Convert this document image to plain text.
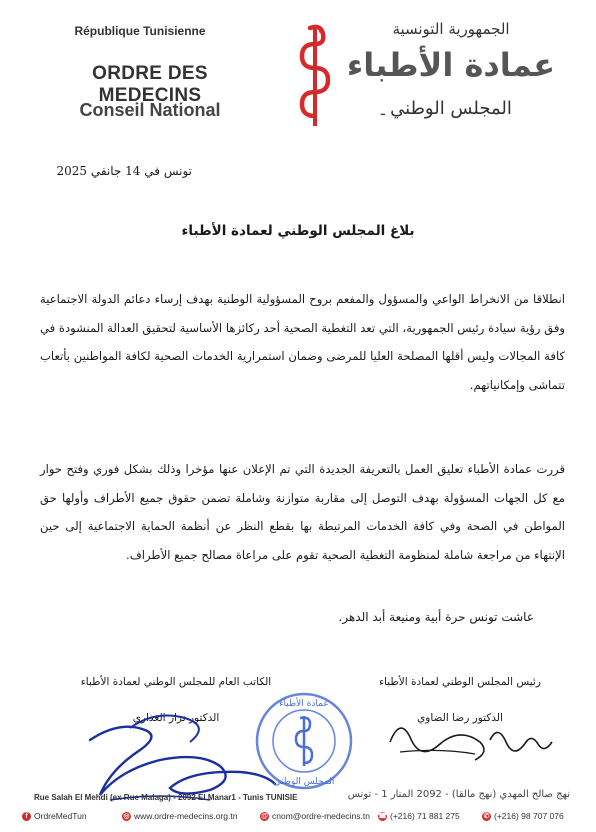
République Tunisienne
ORDRE DES MEDECINS
Conseil National
الجمهورية التونسية
عمادة الأطباء
المجلس الوطني
-
تونس في 14 جانفي 2025
بلاغ المجلس الوطني لعمادة الأطباء
انطلاقا من الانخراط الواعي والمسؤول والمفعم بروح المسؤولية الوطنية بهدف إرساء دعائم الدولة الاجتماعية وفق رؤية سيادة رئيس الجمهورية، التي تعد التغطية الصحية أحد ركائزها الأساسية لتحقيق العدالة المنشودة في كافة المجالات وليس أقلها المصلحة العليا للمرضى وضمان استمرارية الخدمات الصحية لكافة المواطنين بأتعاب تتماشى وإمكانياتهم.
قررت عمادة الأطباء تعليق العمل بالتعريفة الجديدة التي تم الإعلان عنها مؤخرا وذلك بشكل فوري وفتح حوار مع كل الجهات المسؤولة بهدف التوصل إلى مقاربة متوازنة وشاملة تضمن حقوق جميع الأطراف وأولها حق المواطن في الصحة وفي كافة الخدمات المرتبطة بها بقطع النظر عن أنظمة الحماية الاجتماعية إلى حين الإنتهاء من مراجعة شاملة لمنظومة التغطية الصحية تقوم على مراعاة مصالح جميع الأطراف.
عاشت تونس حرة أبية ومنيعة أبد الدهر.
الكاتب العام للمجلس الوطني لعمادة الأطباء
الدكتور نزار العذاري
رئيس المجلس الوطني لعمادة الأطباء
الدكتور رضا الضاوي
عمادة الأطباء
المجلس الوطني
Rue Salah El Mehdi (ex Rue Malaga) - 2092 El Manar1 - Tunis TUNISIE	نهج صالح المهدي (نهج مالقا) - 2092 المنار 1 - تونس
f OrdreMedTun	◎ www.ordre-medecins.org.tn	@ cnom@ordre-medecins.tn ☎ (+216) 71 881 275	✆ (+216) 98 707 076
